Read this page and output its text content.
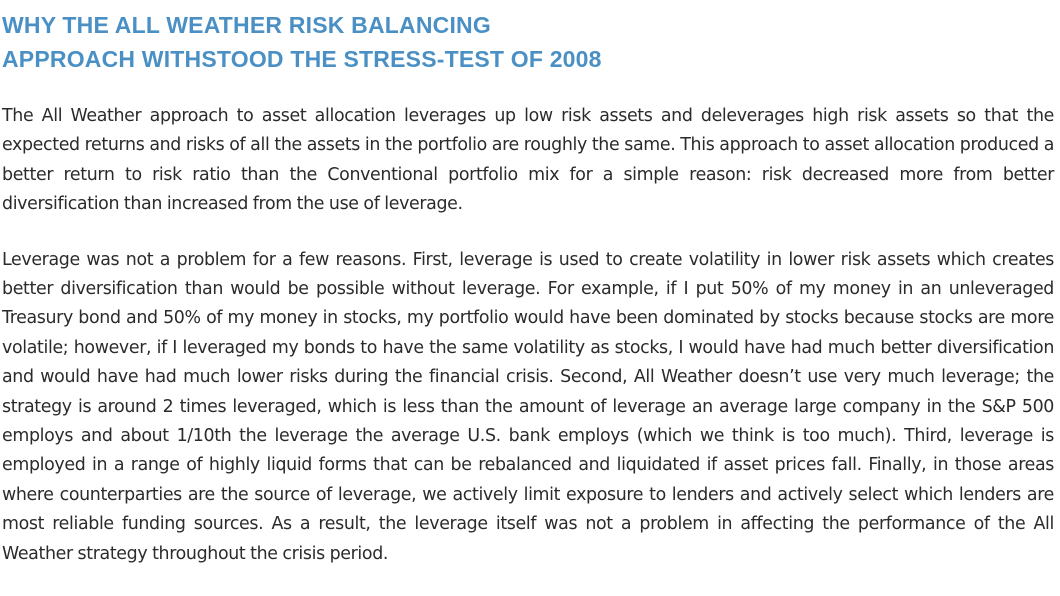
WHY THE ALL WEATHER RISK BALANCING
APPROACH WITHSTOOD THE STRESS-TEST OF 2008

The All Weather approach to asset allocation leverages up low risk assets and deleverages high risk assets so that the expected returns and risks of all the assets in the portfolio are roughly the same. This approach to asset allocation produced a better return to risk ratio than the Conventional portfolio mix for a simple reason: risk decreased more from better diversification than increased from the use of leverage.

Leverage was not a problem for a few reasons. First, leverage is used to create volatility in lower risk assets which creates better diversification than would be possible without leverage. For example, if I put 50% of my money in an unleveraged Treasury bond and 50% of my money in stocks, my portfolio would have been dominated by stocks because stocks are more volatile; however, if I leveraged my bonds to have the same volatility as stocks, I would have had much better diversification and would have had much lower risks during the financial crisis. Second, All Weather doesn’t use very much leverage; the strategy is around 2 times leveraged, which is less than the amount of leverage an average large company in the S&P 500 employs and about 1/10th the leverage the average U.S. bank employs (which we think is too much). Third, leverage is employed in a range of highly liquid forms that can be rebalanced and liquidated if asset prices fall. Finally, in those areas where counterparties are the source of leverage, we actively limit exposure to lenders and actively select which lenders are most reliable funding sources. As a result, the leverage itself was not a problem in affecting the performance of the All Weather strategy throughout the crisis period.
